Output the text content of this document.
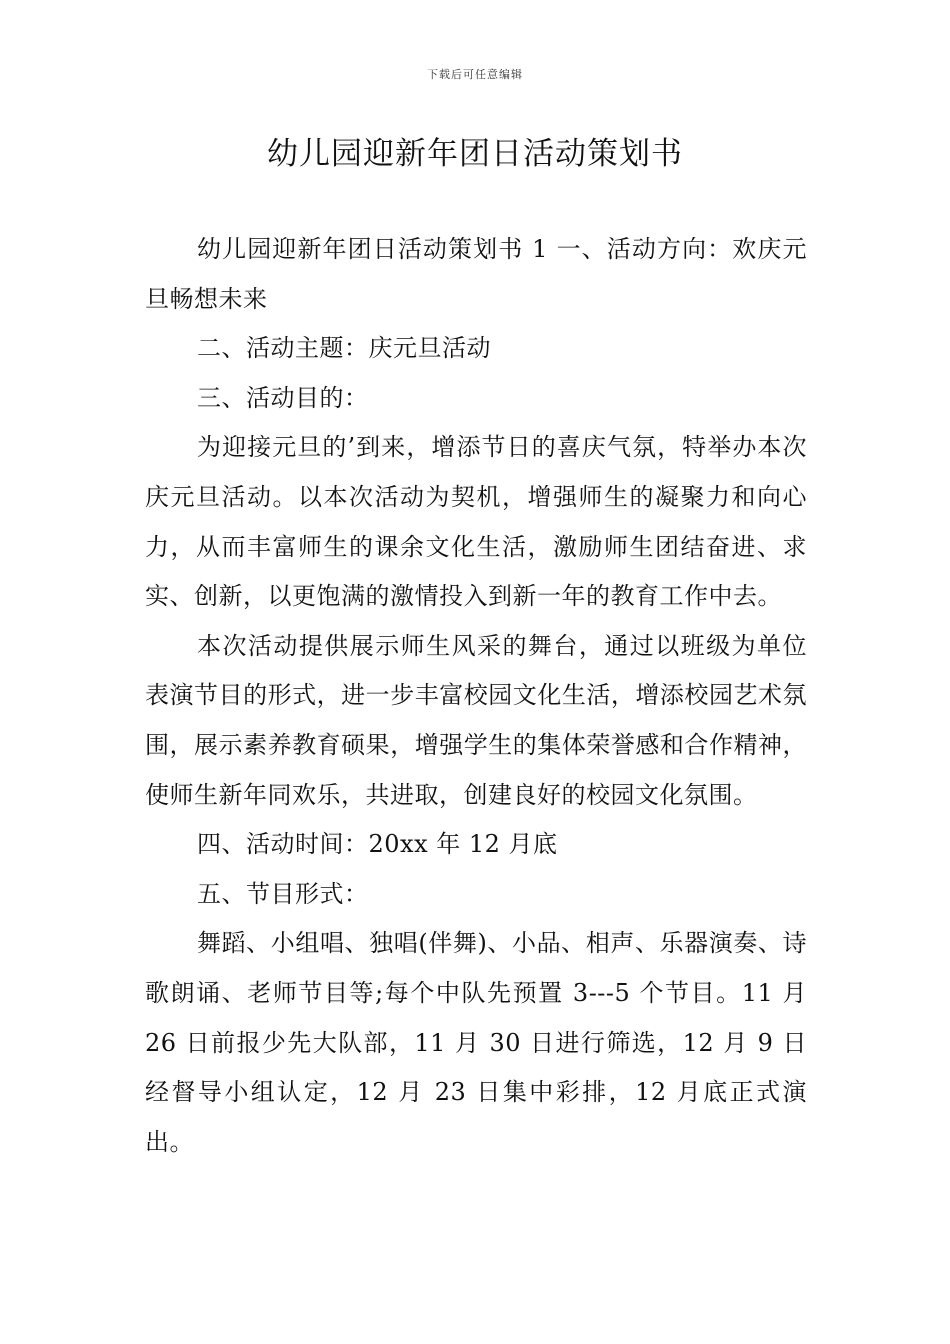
下载后可任意编辑
幼儿园迎新年团日活动策划书

幼儿园迎新年团日活动策划书 1 一、活动方向：欢庆元旦畅想未来

二、活动主题：庆元旦活动

三、活动目的：

为迎接元旦的’到来，增添节日的喜庆气氛，特举办本次庆元旦活动。以本次活动为契机，增强师生的凝聚力和向心力，从而丰富师生的课余文化生活，激励师生团结奋进、求实、创新，以更饱满的激情投入到新一年的教育工作中去。

本次活动提供展示师生风采的舞台，通过以班级为单位表演节目的形式，进一步丰富校园文化生活，增添校园艺术氛围，展示素养教育硕果，增强学生的集体荣誉感和合作精神，使师生新年同欢乐，共进取，创建良好的校园文化氛围。

四、活动时间：20xx 年 12 月底

五、节目形式：

舞蹈、小组唱、独唱(伴舞)、小品、相声、乐器演奏、诗歌朗诵、老师节目等;每个中队先预置 3---5 个节目。11 月 26 日前报少先大队部，11 月 30 日进行筛选，12 月 9 日经督导小组认定，12 月 23 日集中彩排，12 月底正式演出。
